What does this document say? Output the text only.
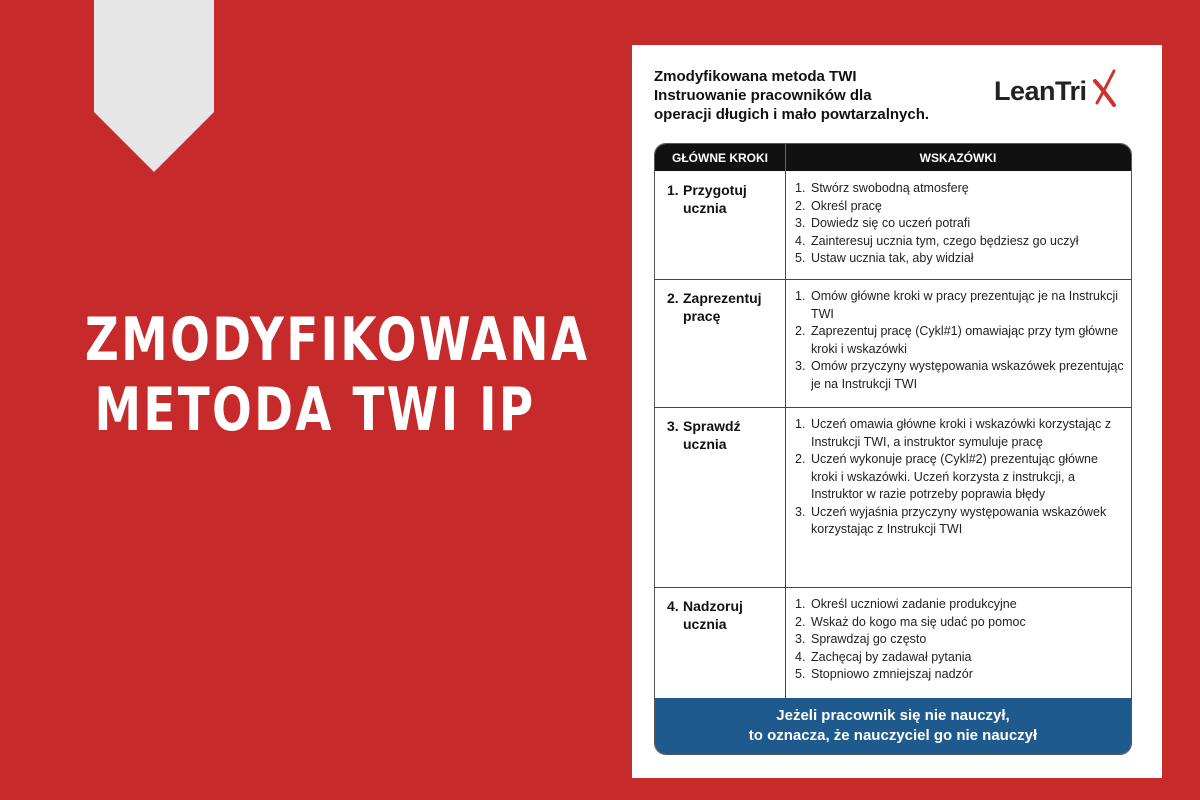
ZMODYFIKOWANA
METODA TWI IP
Zmodyfikowana metoda TWI
Instruowanie pracowników dla
operacji długich i mało powtarzalnych.
LeanTri
GŁÓWNE KROKI	WSKAZÓWKI
1. Przygotuj
ucznia
1. Stwórz swobodną atmosferę
2. Określ pracę
3. Dowiedz się co uczeń potrafi
4. Zainteresuj ucznia tym, czego będziesz go uczył
5. Ustaw ucznia tak, aby widział
2. Zaprezentuj
pracę
1. Omów główne kroki w pracy prezentując je na Instrukcji TWI
2. Zaprezentuj pracę (Cykl#1) omawiając przy tym główne kroki i wskazówki
3. Omów przyczyny występowania wskazówek prezentując je na Instrukcji TWI
3. Sprawdź
ucznia
1. Uczeń omawia główne kroki i wskazówki korzystając z Instrukcji TWI, a instruktor symuluje pracę
2. Uczeń wykonuje pracę (Cykl#2) prezentując główne kroki i wskazówki. Uczeń korzysta z instrukcji, a Instruktor w razie potrzeby poprawia błędy
3. Uczeń wyjaśnia przyczyny występowania wskazówek korzystając z Instrukcji TWI
4. Nadzoruj
ucznia
1. Określ uczniowi zadanie produkcyjne
2. Wskaż do kogo ma się udać po pomoc
3. Sprawdzaj go często
4. Zachęcaj by zadawał pytania
5. Stopniowo zmniejszaj nadzór
Jeżeli pracownik się nie nauczył,
to oznacza, że nauczyciel go nie nauczył
